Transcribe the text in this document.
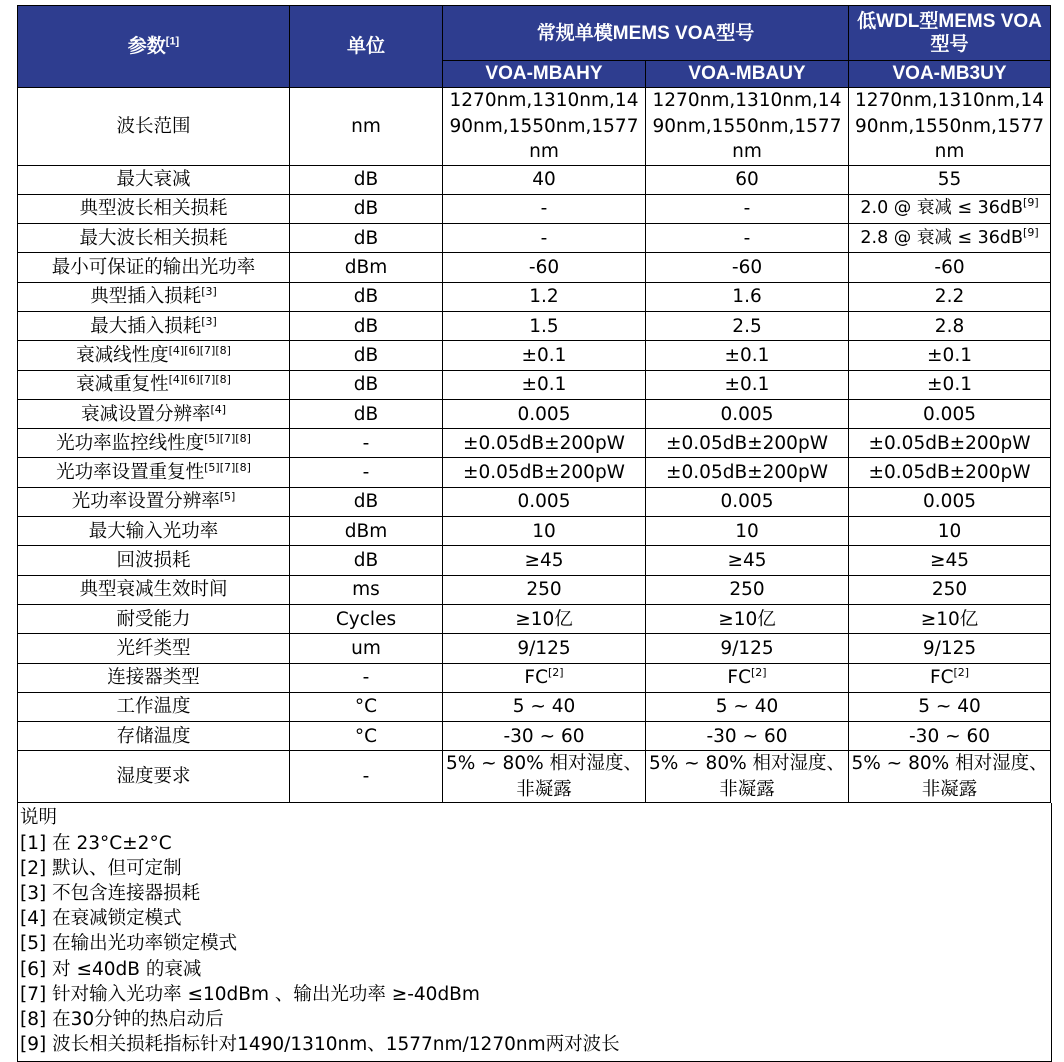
参数[1]	单位	常规单模MEMS VOA型号		低WDL型MEMS VOA型号
		VOA-MBAHY	VOA-MBAUY	VOA-MB3UY
波长范围	nm	1270nm,1310nm,1490nm,1550nm,1577nm	1270nm,1310nm,1490nm,1550nm,1577nm	1270nm,1310nm,1490nm,1550nm,1577nm
最大衰减	dB	40	60	55
典型波长相关损耗	dB	-	-	2.0 @ 衰减 ≤ 36dB[9]
最大波长相关损耗	dB	-	-	2.8 @ 衰减 ≤ 36dB[9]
最小可保证的输出光功率	dBm	-60	-60	-60
典型插入损耗[3]	dB	1.2	1.6	2.2
最大插入损耗[3]	dB	1.5	2.5	2.8
衰减线性度[4][6][7][8]	dB	±0.1	±0.1	±0.1
衰减重复性[4][6][7][8]	dB	±0.1	±0.1	±0.1
衰减设置分辨率[4]	dB	0.005	0.005	0.005
光功率监控线性度[5][7][8]	-	±0.05dB±200pW	±0.05dB±200pW	±0.05dB±200pW
光功率设置重复性[5][7][8]	-	±0.05dB±200pW	±0.05dB±200pW	±0.05dB±200pW
光功率设置分辨率[5]	dB	0.005	0.005	0.005
最大输入光功率	dBm	10	10	10
回波损耗	dB	≥45	≥45	≥45
典型衰减生效时间	ms	250	250	250
耐受能力	Cycles	≥10亿	≥10亿	≥10亿
光纤类型	um	9/125	9/125	9/125
连接器类型	-	FC[2]	FC[2]	FC[2]
工作温度	°C	5 ~ 40	5 ~ 40	5 ~ 40
存储温度	°C	-30 ~ 60	-30 ~ 60	-30 ~ 60
湿度要求	-	5% ~ 80% 相对湿度、非凝露	5% ~ 80% 相对湿度、非凝露	5% ~ 80% 相对湿度、非凝露
说明
[1] 在 23°C±2°C
[2] 默认、但可定制
[3] 不包含连接器损耗
[4] 在衰减锁定模式
[5] 在输出光功率锁定模式
[6] 对 ≤40dB 的衰减
[7] 针对输入光功率 ≤10dBm 、输出光功率 ≥-40dBm
[8] 在30分钟的热启动后
[9] 波长相关损耗指标针对1490/1310nm、1577nm/1270nm两对波长
